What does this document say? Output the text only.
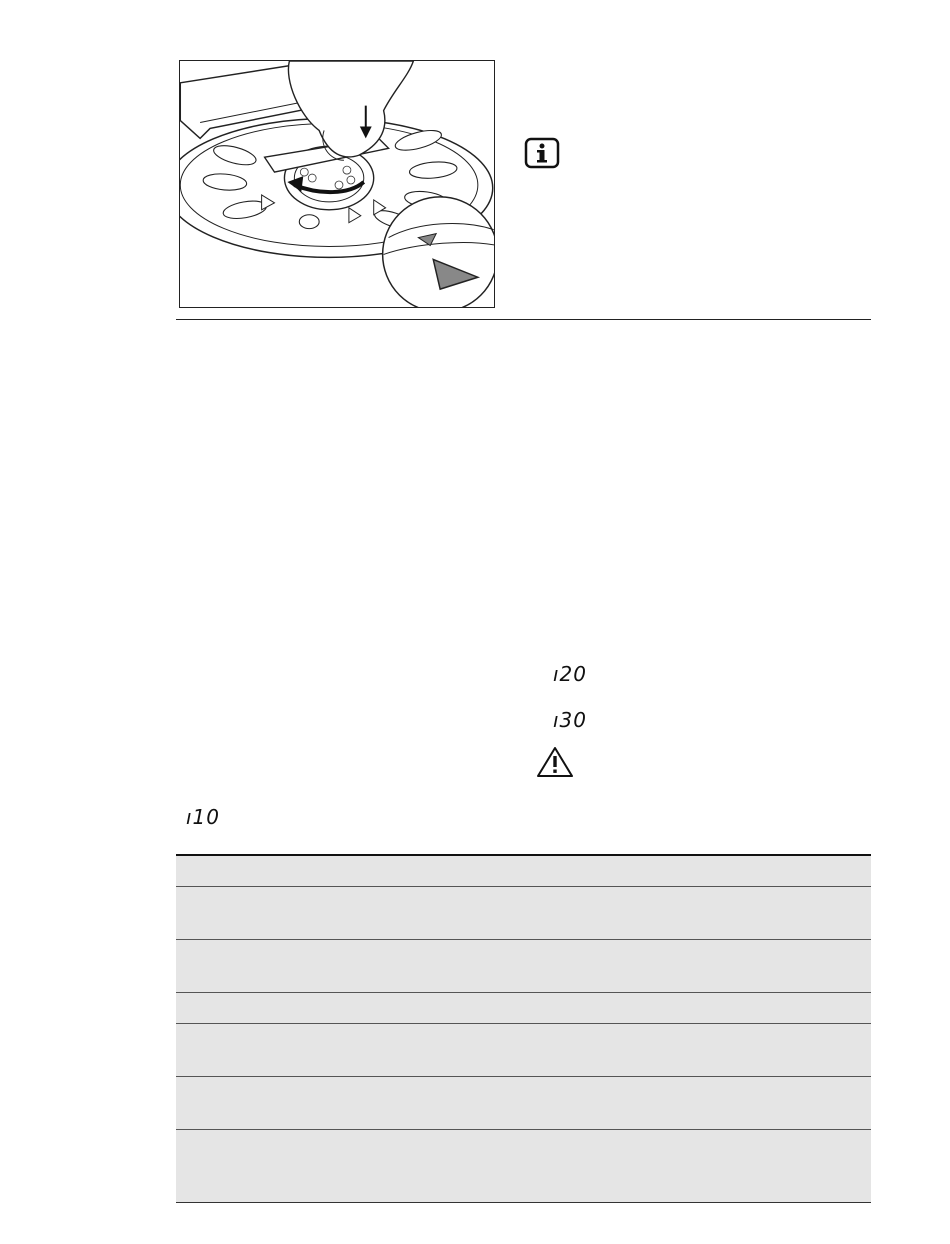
ı20
ı30
ı10
